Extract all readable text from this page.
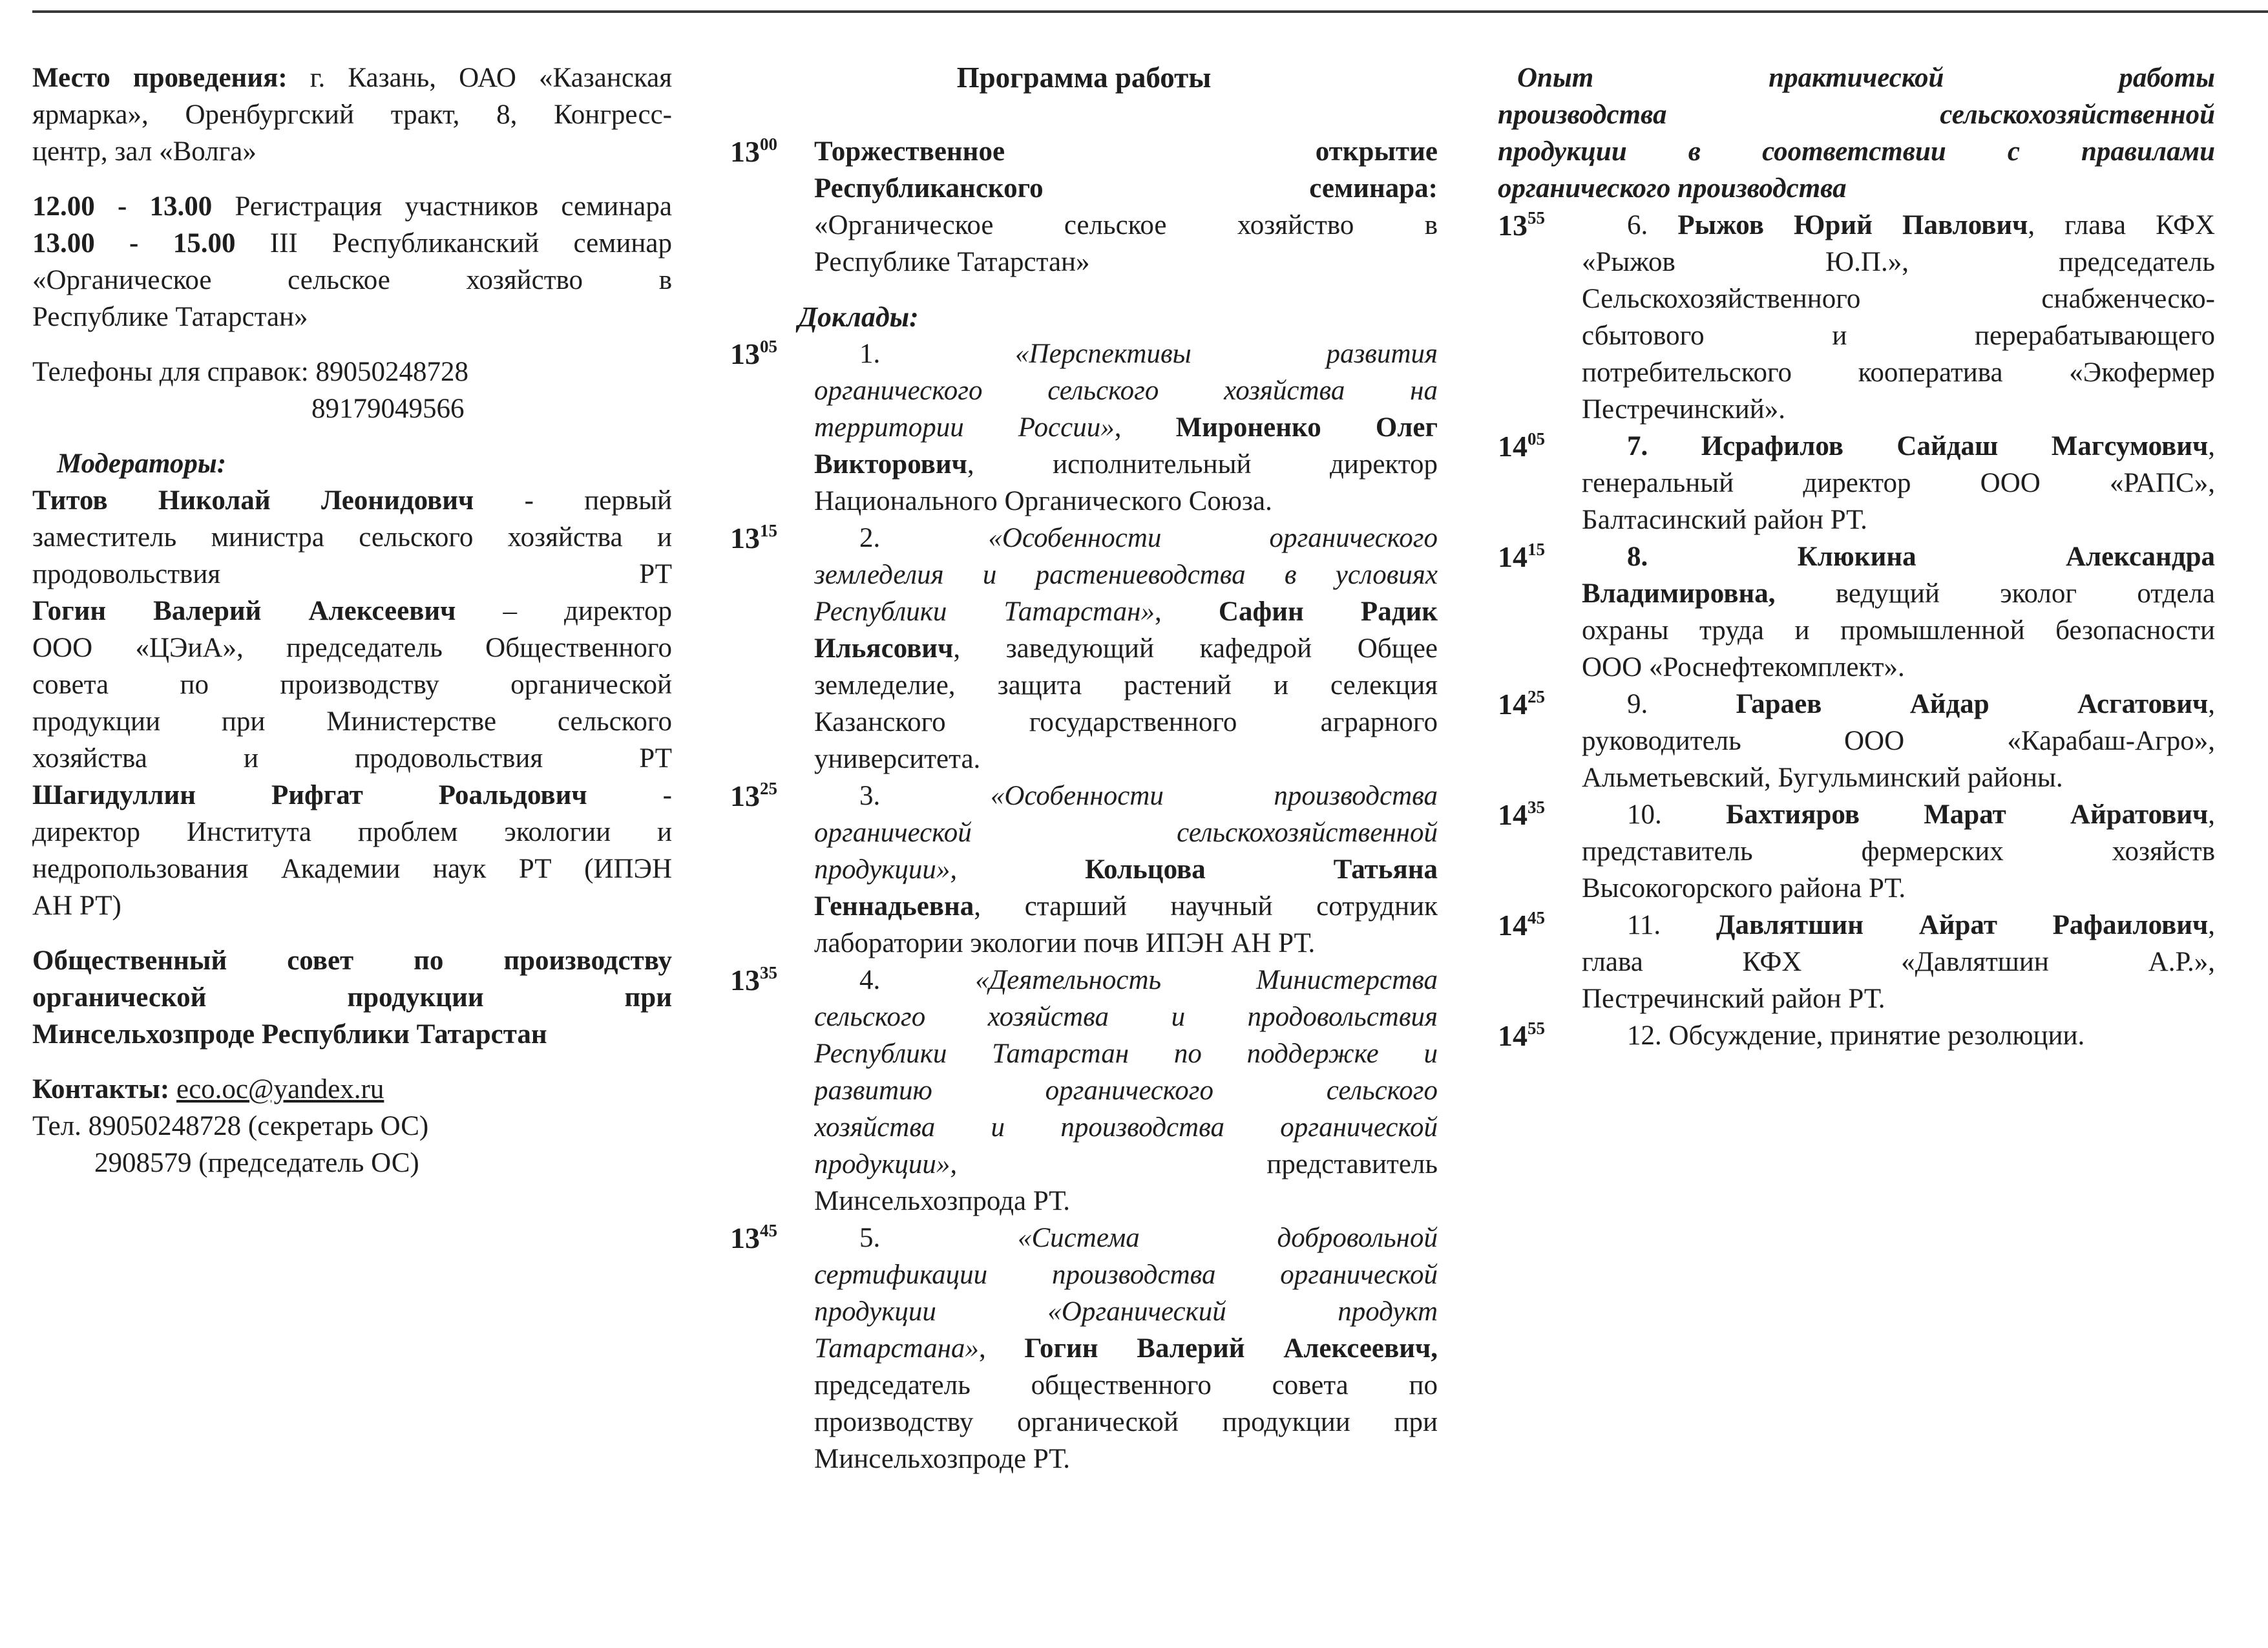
Место проведения: г. Казань, ОАО «Казанская
ярмарка», Оренбургский тракт, 8, Конгресс-
центр, зал «Волга»
12.00 - 13.00 Регистрация участников семинара
13.00 - 15.00 III Республиканский семинар
«Органическое сельское хозяйство в
Республике Татарстан»
Телефоны для справок: 89050248728
89179049566
Модераторы:
Титов Николай Леонидович - первый
заместитель министра сельского хозяйства и
продовольствия РТ
Гогин Валерий Алексеевич – директор
ООО «ЦЭиА», председатель Общественного
совета по производству органической
продукции при Министерстве сельского
хозяйства и продовольствия РТ
Шагидуллин Рифгат Роальдович -
директор Института проблем экологии и
недропользования Академии наук РТ (ИПЭН
АН РТ)
Общественный совет по производству
органической продукции при
Минсельхозпроде Республики Татарстан
Контакты: eco.oc@yandex.ru
Тел. 89050248728 (секретарь ОС)
2908579 (председатель ОС)
Программа работы
$13^{00}$ Торжественное открытие
Республиканского семинара:
«Органическое сельское хозяйство в
Республике Татарстан»
Доклады:
$13^{05}$	1. «Перспективы развития
органического сельского хозяйства на
территории России», Мироненко Олег
Викторович, исполнительный директор
Национального Органического Союза.
$13^{15}$	2. «Особенности органического
земледелия и растениеводства в условиях
Республики Татарстан», Сафин Радик
Ильясович, заведующий кафедрой Общее
земледелие, защита растений и селекция
Казанского государственного аграрного
университета.
$13^{25}$	3. «Особенности производства
органической сельскохозяйственной
продукции»,	Кольцова Татьяна
Геннадьевна, старший научный сотрудник
лаборатории экологии почв ИПЭН АН РТ.
$13^{35}$	4. «Деятельность Министерства
сельского хозяйства и продовольствия
Республики Татарстан по поддержке и
развитию органического сельского
хозяйства и производства органической
продукции», представитель
Минсельхозпрода РТ.
$13^{45}$	5. «Система добровольной
сертификации производства органической
продукции «Органический продукт
Татарстана», Гогин Валерий Алексеевич,
председатель общественного совета по
производству органической продукции при
Минсельхозпроде РТ.
Опыт практической работы
производства сельскохозяйственной
продукции в соответствии с правилами
органического производства
$13^{55}$	6. Рыжов Юрий Павлович, глава КФХ
«Рыжов Ю.П.», председатель
Сельскохозяйственного снабженческо-
сбытового и перерабатывающего
потребительского кооператива «Экофермер
Пестречинский».
$14^{05}$	7. Исрафилов Сайдаш Магсумович,
генеральный директор ООО «РАПС»,
Балтасинский район РТ.
$14^{15}$	8. Клюкина Александра
Владимировна, ведущий эколог отдела
охраны труда и промышленной безопасности
ООО «Роснефтекомплект».
$14^{25}$	9. Гараев Айдар Асгатович,
руководитель ООО «Карабаш-Агро»,
Альметьевский, Бугульминский районы.
$14^{35}$	10. Бахтияров Марат Айратович,
представитель фермерских хозяйств
Высокогорского района РТ.
$14^{45}$	11. Давлятшин Айрат Рафаилович,
глава КФХ «Давлятшин А.Р.»,
Пестречинский район РТ.
$14^{55}$	12. Обсуждение, принятие резолюции.
